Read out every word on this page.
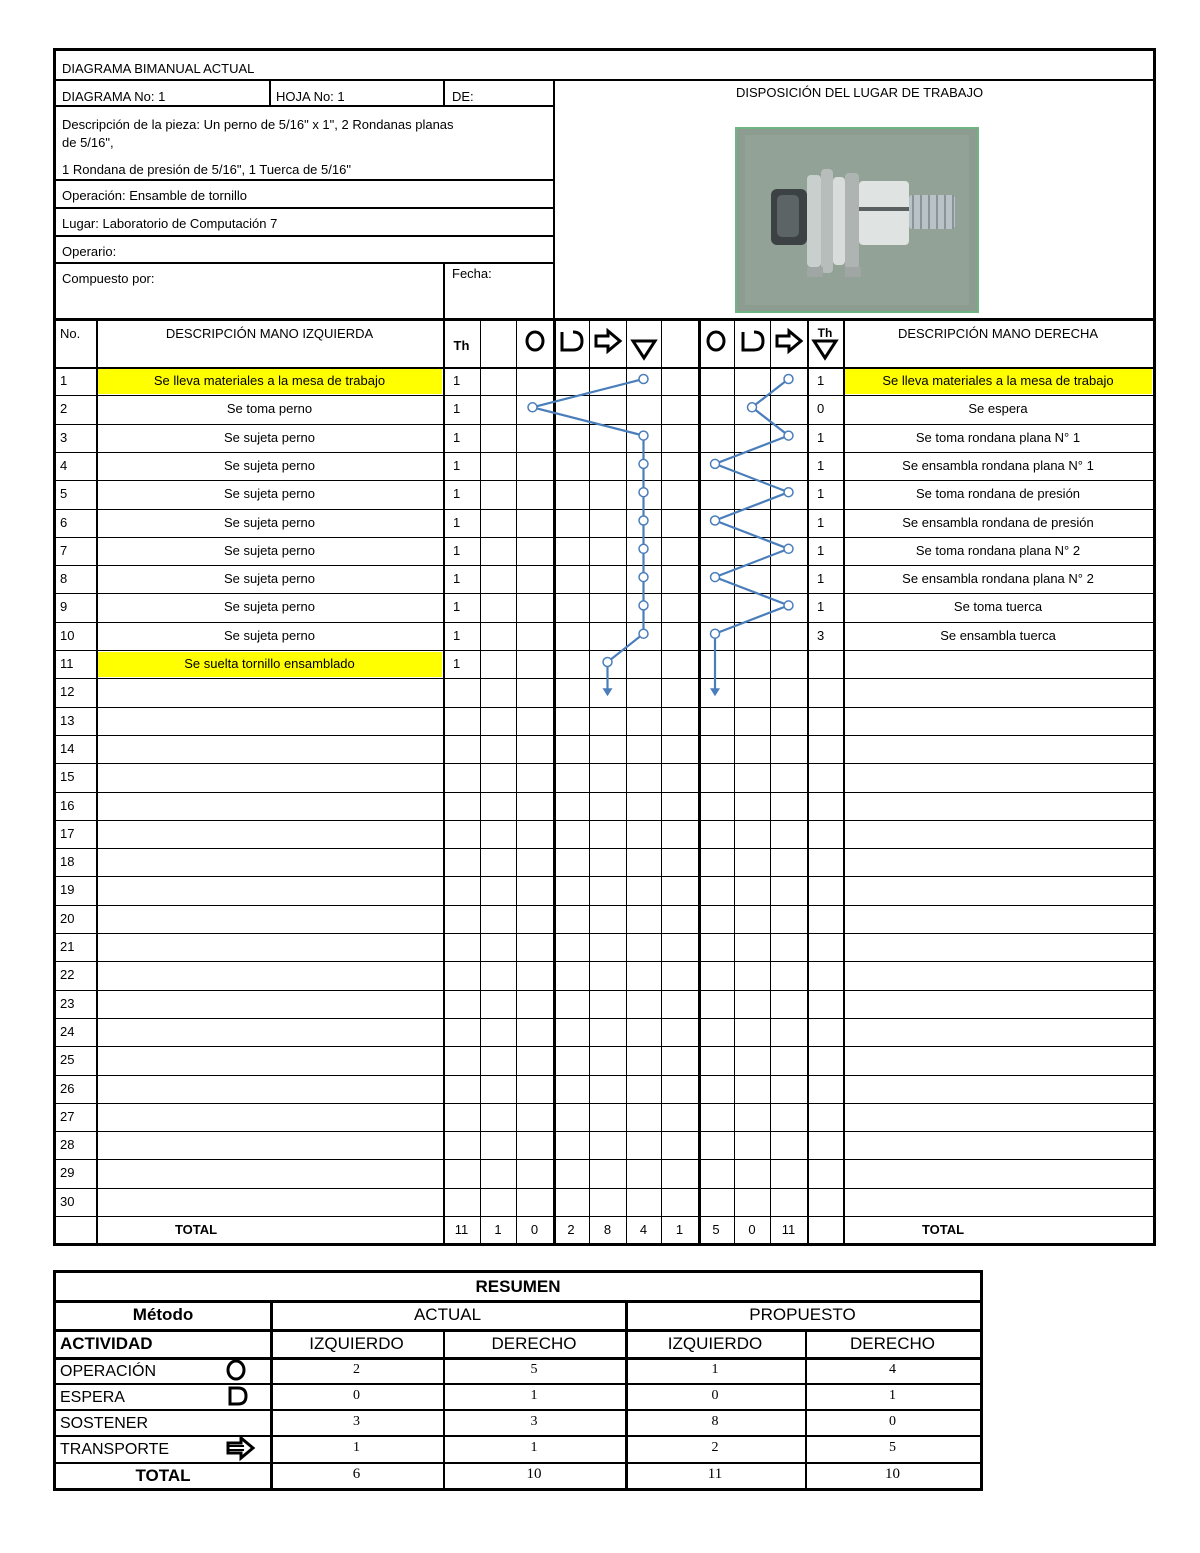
DIAGRAMA BIMANUAL ACTUAL
DIAGRAMA No: 1	HOJA No: 1	DE:	DISPOSICIÓN DEL LUGAR DE TRABAJO
Descripción de la pieza: Un perno de 5/16" x 1", 2 Rondanas planas
de 5/16",
1 Rondana de presión de 5/16", 1 Tuerca de 5/16"
Operación: Ensamble de tornillo
Lugar: Laboratorio de Computación 7
Operario:
Compuesto por:	Fecha:
DESCRIPCIÓN MANO IZQUIERDA	DESCRIPCIÓN MANO DERECHA
No.
Th
Th
1	Se lleva materiales a la mesa de trabajo	1	1	Se lleva materiales a la mesa de trabajo
2	Se toma perno	1	0	Se espera
3	Se sujeta perno	1	1	Se toma rondana plana N° 1
4	Se sujeta perno	1	1	Se ensambla rondana plana N° 1
5	Se sujeta perno	1	1	Se toma rondana de presión
6	Se sujeta perno	1	1	Se ensambla rondana de presión
7	Se sujeta perno	1	1	Se toma rondana plana N° 2
8	Se sujeta perno	1	1	Se ensambla rondana plana N° 2
9	Se sujeta perno	1	1	Se toma tuerca
10	Se sujeta perno	1	3	Se ensambla tuerca
11	Se suelta tornillo ensamblado	1
12
13
14
15
16
17
18
19
20
21
22
23
24
25
26
27
28
29
30
TOTAL	TOTAL
11	1	0	2	8	4	1	5	0	11
RESUMEN
Método	ACTUAL	PROPUESTO
ACTIVIDAD	IZQUIERDO	DERECHO	IZQUIERDO	DERECHO
OPERACIÓN	2	5	1	4
ESPERA	0	1	0	1
SOSTENER	3	3	8	0
TRANSPORTE	1	1	2	5
TOTAL	6	10	11	10
